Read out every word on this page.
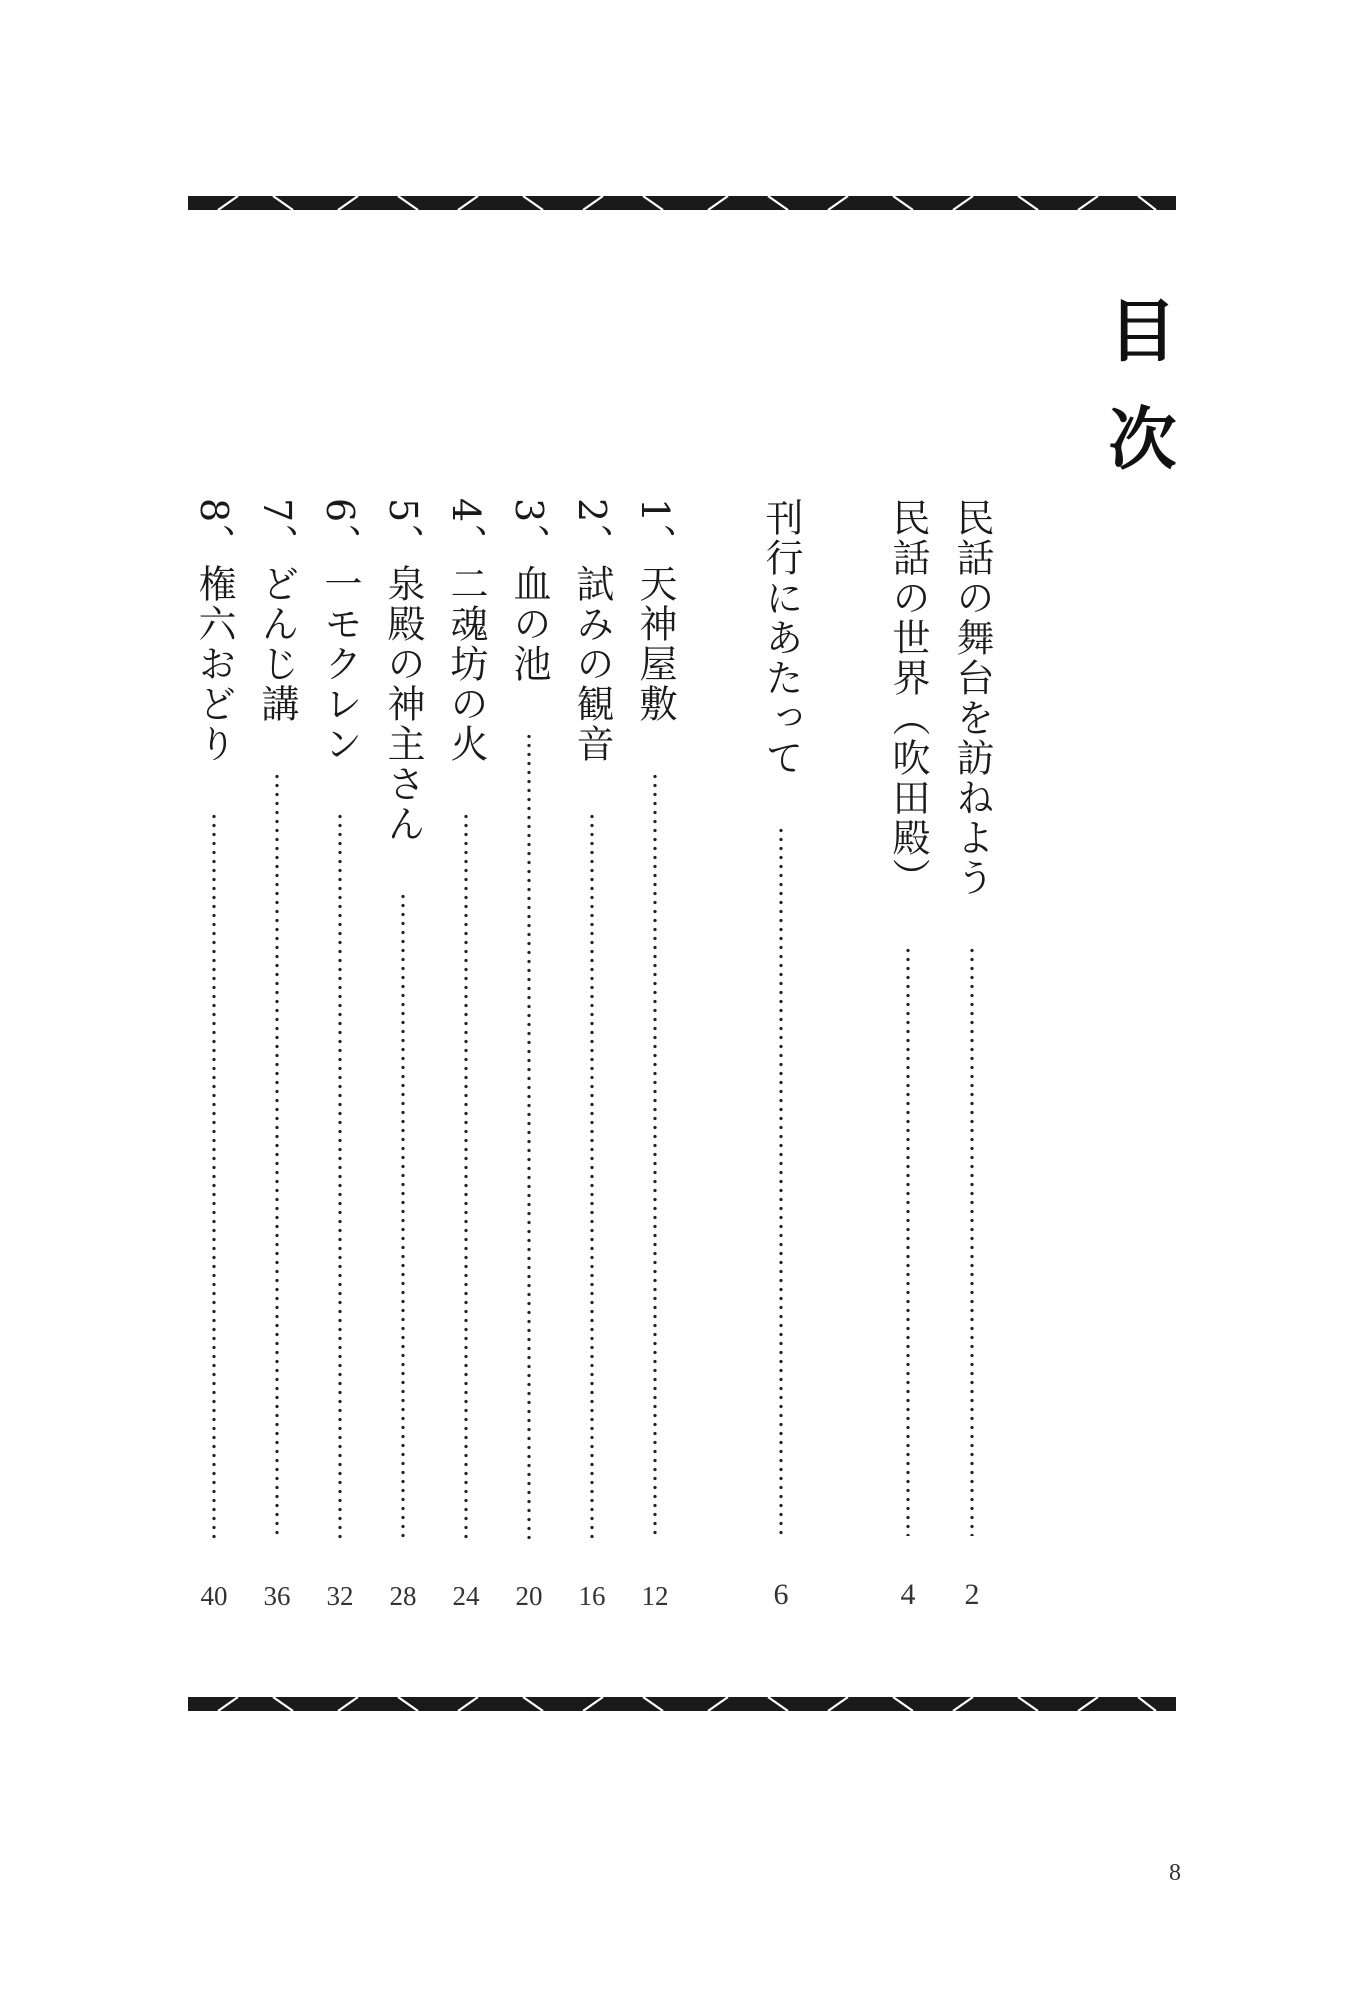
目次
民話の舞台を訪ねよう
2
民話の世界（吹田殿）
4
刊行にあたって
6
1、天神屋敷
12
2、試みの観音
16
3、血の池
20
4、二魂坊の火
24
5、泉殿の神主さん
28
6、一モクレン
32
7、どんじ講
36
8、権六おどり
40
8
